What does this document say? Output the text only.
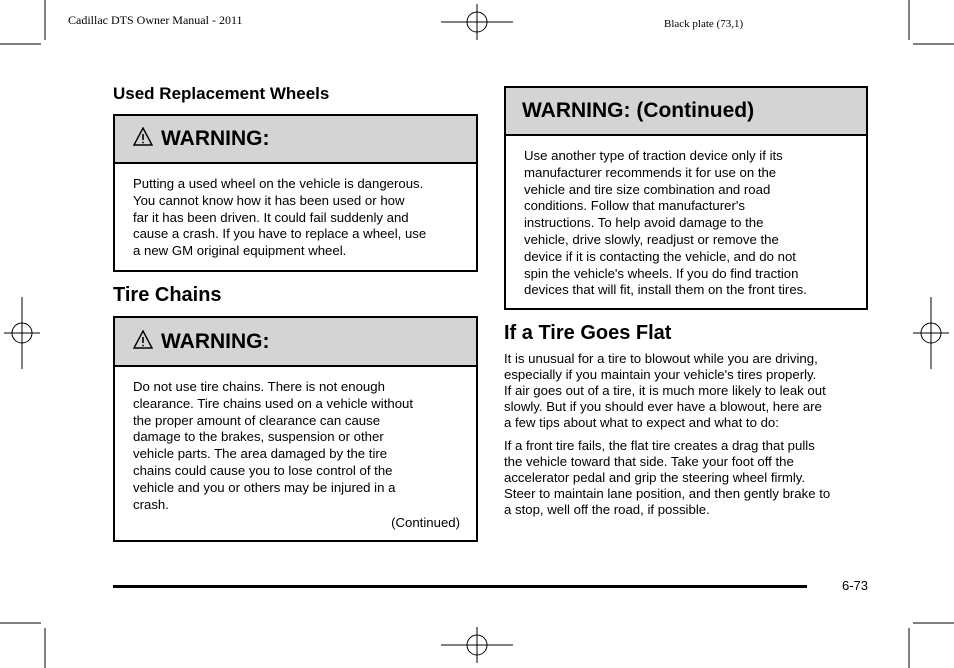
Cadillac DTS Owner Manual - 2011	Black plate (73,1)
Used Replacement Wheels
WARNING:
Putting a used wheel on the vehicle is dangerous.
You cannot know how it has been used or how
far it has been driven. It could fail suddenly and
cause a crash. If you have to replace a wheel, use
a new GM original equipment wheel.
Tire Chains
WARNING:
Do not use tire chains. There is not enough
clearance. Tire chains used on a vehicle without
the proper amount of clearance can cause
damage to the brakes, suspension or other
vehicle parts. The area damaged by the tire
chains could cause you to lose control of the
vehicle and you or others may be injured in a
crash.
(Continued)
WARNING: (Continued)
Use another type of traction device only if its
manufacturer recommends it for use on the
vehicle and tire size combination and road
conditions. Follow that manufacturer's
instructions. To help avoid damage to the
vehicle, drive slowly, readjust or remove the
device if it is contacting the vehicle, and do not
spin the vehicle's wheels. If you do find traction
devices that will fit, install them on the front tires.
If a Tire Goes Flat
It is unusual for a tire to blowout while you are driving,
especially if you maintain your vehicle's tires properly.
If air goes out of a tire, it is much more likely to leak out
slowly. But if you should ever have a blowout, here are
a few tips about what to expect and what to do:
If a front tire fails, the flat tire creates a drag that pulls
the vehicle toward that side. Take your foot off the
accelerator pedal and grip the steering wheel firmly.
Steer to maintain lane position, and then gently brake to
a stop, well off the road, if possible.
6-73
